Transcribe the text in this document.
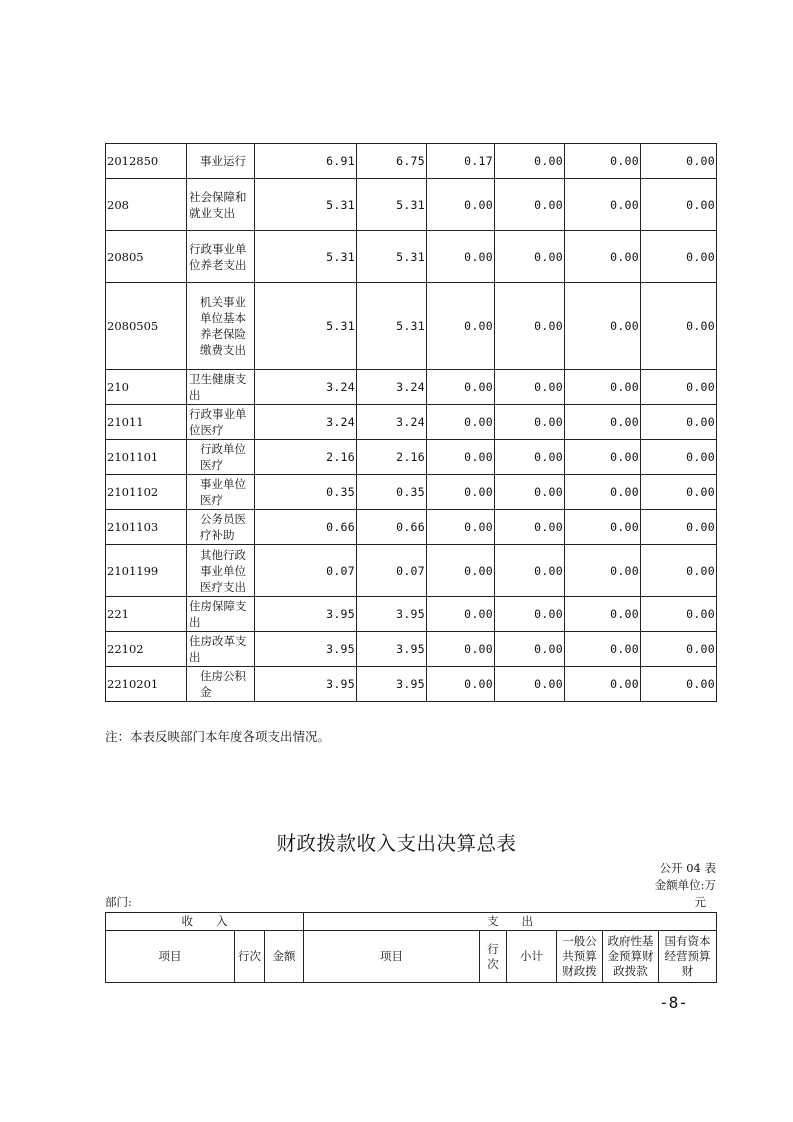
2012850	事业运行	6.91	6.75	0.17	0.00	0.00	0.00
208	社会保障和就业支出	5.31	5.31	0.00	0.00	0.00	0.00
20805	行政事业单位养老支出	5.31	5.31	0.00	0.00	0.00	0.00
2080505	机关事业单位基本养老保险缴费支出	5.31	5.31	0.00	0.00	0.00	0.00
210	卫生健康支出	3.24	3.24	0.00	0.00	0.00	0.00
21011	行政事业单位医疗	3.24	3.24	0.00	0.00	0.00	0.00
2101101	行政单位医疗	2.16	2.16	0.00	0.00	0.00	0.00
2101102	事业单位医疗	0.35	0.35	0.00	0.00	0.00	0.00
2101103	公务员医疗补助	0.66	0.66	0.00	0.00	0.00	0.00
2101199	其他行政事业单位医疗支出	0.07	0.07	0.00	0.00	0.00	0.00
221	住房保障支出	3.95	3.95	0.00	0.00	0.00	0.00
22102	住房改革支出	3.95	3.95	0.00	0.00	0.00	0.00
2210201	住房公积金	3.95	3.95	0.00	0.00	0.00	0.00
注：本表反映部门本年度各项支出情况。
财政拨款收入支出决算总表
公开 04 表
金额单位:万
部门:	元
收　　入			支　　出					
项目	行次	金额	项目	行次	小计	一般公共预算财政拨	政府性基金预算财政拨款	国有资本经营预算财
-8-
